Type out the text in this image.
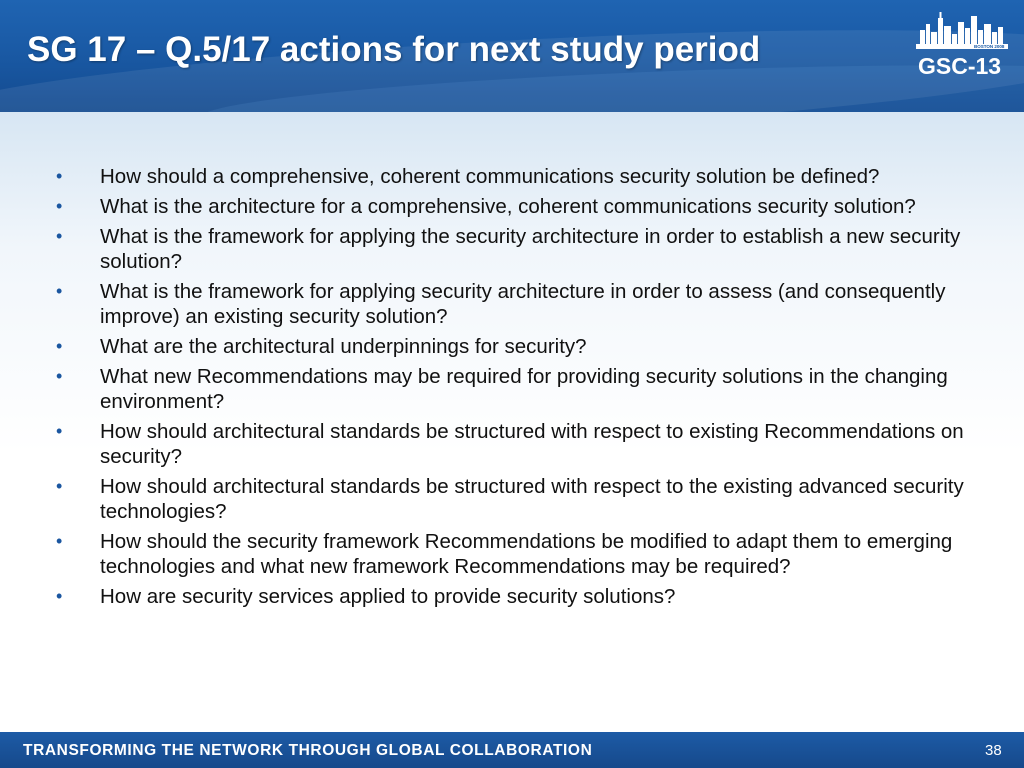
SG 17 – Q.5/17 actions for next study period	BOSTON 2008
GSC-13
• How should a comprehensive, coherent communications security solution be defined?
• What is the architecture for a comprehensive, coherent communications security solution?
• What is the framework for applying the security architecture in order to establish a new security solution?
• What is the framework for applying security architecture in order to assess (and consequently improve) an existing security solution?
• What are the architectural underpinnings for security?
• What new Recommendations may be required for providing security solutions in the changing environment?
• How should architectural standards be structured with respect to existing Recommendations on security?
• How should architectural standards be structured with respect to the existing advanced security technologies?
• How should the security framework Recommendations be modified to adapt them to emerging technologies and what new framework Recommendations may be required?
• How are security services applied to provide security solutions?

TRANSFORMING THE NETWORK THROUGH GLOBAL COLLABORATION	38
